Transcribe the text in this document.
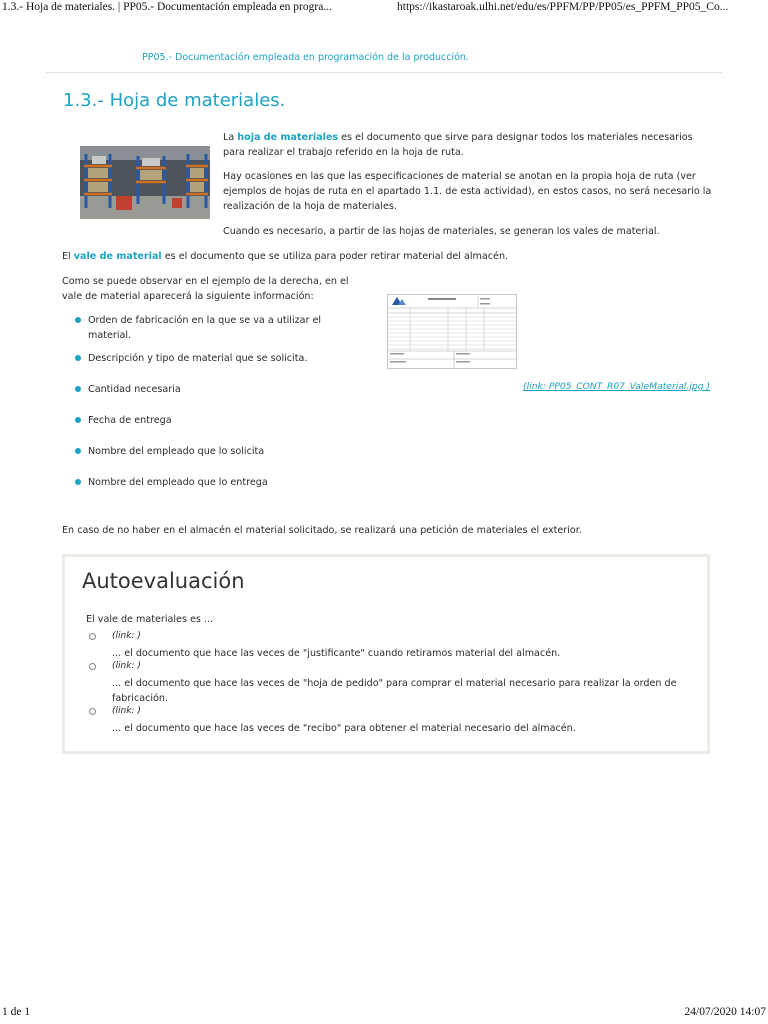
1.3.- Hoja de materiales. | PP05.- Documentación empleada en progra...	https://ikastaroak.ulhi.net/edu/es/PPFM/PP/PP05/es_PPFM_PP05_Co...
PP05.- Documentación empleada en programación de la producción.
1.3.- Hoja de materiales.
La hoja de materiales es el documento que sirve para designar todos los materiales necesarios para realizar el trabajo referido en la hoja de ruta.
Hay ocasiones en las que las especificaciones de material se anotan en la propia hoja de ruta (ver ejemplos de hojas de ruta en el apartado 1.1. de esta actividad), en estos casos, no será necesario la realización de la hoja de materiales.
Cuando es necesario, a partir de las hojas de materiales, se generan los vales de material.
El vale de material es el documento que se utiliza para poder retirar material del almacén.
Como se puede observar en el ejemplo de la derecha, en el vale de material aparecerá la siguiente información:
Orden de fabricación en la que se va a utilizar el material.
Descripción y tipo de material que se solicita.
Cantidad necesaria
Fecha de entrega
Nombre del empleado que lo solicita
Nombre del empleado que lo entrega
(link: PP05_CONT_R07_ValeMaterial.jpg )
En caso de no haber en el almacén el material solicitado, se realizará una petición de materiales el exterior.
Autoevaluación
El vale de materiales es ...
(link: )
... el documento que hace las veces de "justificante" cuando retiramos material del almacén.
(link: )
... el documento que hace las veces de "hoja de pedido" para comprar el material necesario para realizar la orden de fabricación.
(link: )
... el documento que hace las veces de "recibo" para obtener el material necesario del almacén.
1 de 1	24/07/2020 14:07
